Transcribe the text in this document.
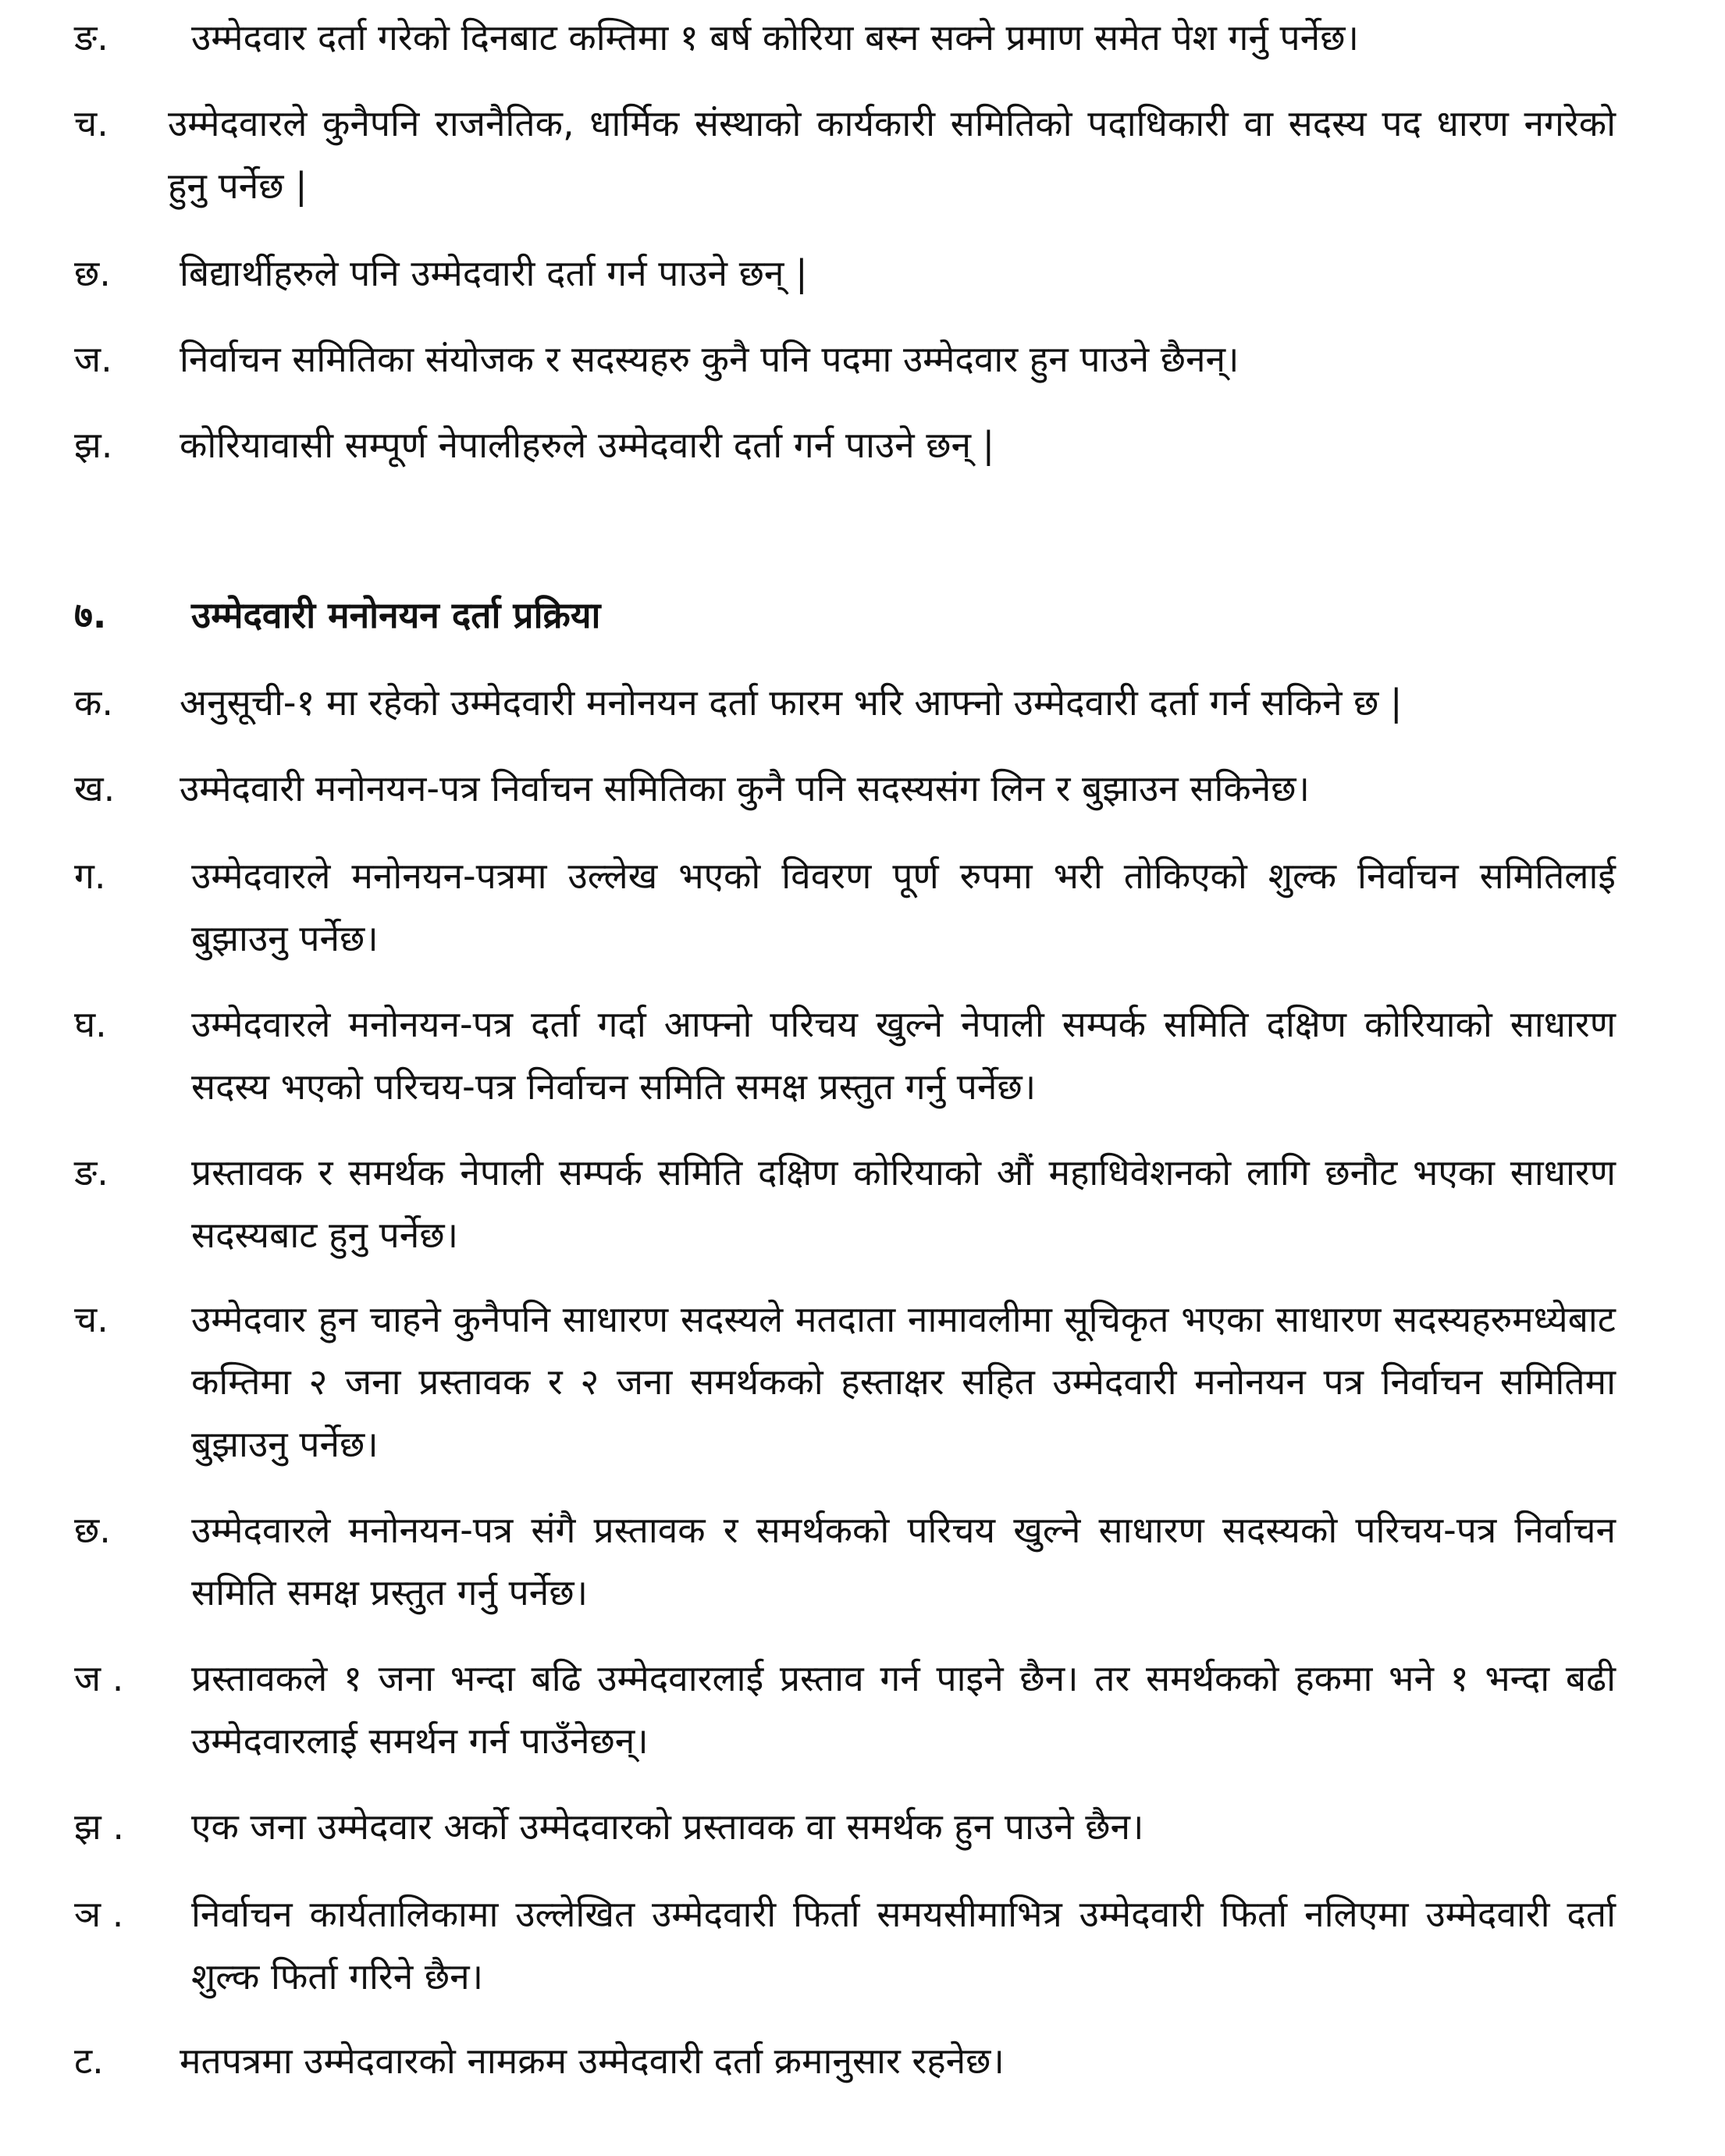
ङ. उम्मेदवार दर्ता गरेको दिनबाट कम्तिमा १ बर्ष कोरिया बस्न सक्ने प्रमाण समेत पेश गर्नु पर्नेछ।
च. उम्मेदवारले कुनैपनि राजनैतिक, धार्मिक संस्थाको कार्यकारी समितिको पदाधिकारी वा सदस्य पद धारण नगरेको हुनु पर्नेछ |
छ. बिद्यार्थीहरुले पनि उम्मेदवारी दर्ता गर्न पाउने छन् |
ज. निर्वाचन समितिका संयोजक र सदस्यहरु कुनै पनि पदमा उम्मेदवार हुन पाउने छैनन्।
झ. कोरियावासी सम्पूर्ण नेपालीहरुले उम्मेदवारी दर्ता गर्न पाउने छन् |
७. उम्मेदवारी मनोनयन दर्ता प्रक्रिया
क. अनुसूची-१ मा रहेको उम्मेदवारी मनोनयन दर्ता फारम भरि आफ्नो उम्मेदवारी दर्ता गर्न सकिने छ |
ख. उम्मेदवारी मनोनयन-पत्र निर्वाचन समितिका कुनै पनि सदस्यसंग लिन र बुझाउन सकिनेछ।
ग. उम्मेदवारले मनोनयन-पत्रमा उल्लेख भएको विवरण पूर्ण रुपमा भरी तोकिएको शुल्क निर्वाचन समितिलाई बुझाउनु पर्नेछ।
घ. उम्मेदवारले मनोनयन-पत्र दर्ता गर्दा आफ्नो परिचय खुल्ने नेपाली सम्पर्क समिति दक्षिण कोरियाको साधारण सदस्य भएको परिचय-पत्र निर्वाचन समिति समक्ष प्रस्तुत गर्नु पर्नेछ।
ङ. प्रस्तावक र समर्थक नेपाली सम्पर्क समिति दक्षिण कोरियाको औं महाधिवेशनको लागि छनौट भएका साधारण सदस्यबाट हुनु पर्नेछ।
च. उम्मेदवार हुन चाहने कुनैपनि साधारण सदस्यले मतदाता नामावलीमा सूचिकृत भएका साधारण सदस्यहरुमध्येबाट कम्तिमा २ जना प्रस्तावक र २ जना समर्थकको हस्ताक्षर सहित उम्मेदवारी मनोनयन पत्र निर्वाचन समितिमा बुझाउनु पर्नेछ।
छ. उम्मेदवारले मनोनयन-पत्र संगै प्रस्तावक र समर्थकको परिचय खुल्ने साधारण सदस्यको परिचय-पत्र निर्वाचन समिति समक्ष प्रस्तुत गर्नु पर्नेछ।
ज . प्रस्तावकले १ जना भन्दा बढि उम्मेदवारलाई प्रस्ताव गर्न पाइने छैन। तर समर्थकको हकमा भने १ भन्दा बढी उम्मेदवारलाई समर्थन गर्न पाउँनेछन्।
झ . एक जना उम्मेदवार अर्को उम्मेदवारको प्रस्तावक वा समर्थक हुन पाउने छैन।
ञ . निर्वाचन कार्यतालिकामा उल्लेखित उम्मेदवारी फिर्ता समयसीमाभित्र उम्मेदवारी फिर्ता नलिएमा उम्मेदवारी दर्ता शुल्क फिर्ता गरिने छैन।
ट. मतपत्रमा उम्मेदवारको नामक्रम उम्मेदवारी दर्ता क्रमानुसार रहनेछ।
